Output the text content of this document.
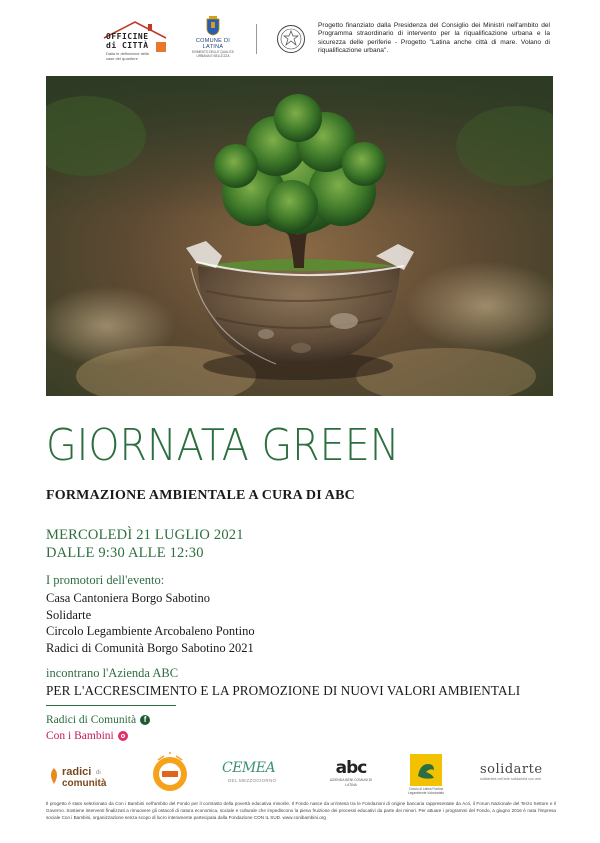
OFFICINE
di CITTÀ
Dalla le definizione delle case del quartiere
COMUNE DI LATINA
SVIMENTO DELLE QUALITA' URBANA E BELLEZZA

Progetto finanziato dalla Presidenza del Consiglio dei Ministri nell'ambito del Programma straordinario di intervento per la riqualificazione urbana e la sicurezza delle periferie - Progetto "Latina anche città di mare. Volano di riqualificazione urbana".

GIORNATA GREEN
FORMAZIONE AMBIENTALE A CURA DI ABC
MERCOLEDÌ 21 LUGLIO 2021
DALLE 9:30 ALLE 12:30
I promotori dell'evento:
Casa Cantoniera Borgo Sabotino
Solidarte
Circolo Legambiente Arcobaleno Pontino
Radici di Comunità Borgo Sabotino 2021
incontrano l'Azienda ABC
PER L'ACCRESCIMENTO E LA PROMOZIONE DI NUOVI VALORI AMBIENTALI
Radici di Comunità f
Con i Bambini
radici di
comunità
CEMEA
DEL MEZZOGIORNO
abc
AZIENDA BENI COMUNI DI LATINA
Circolo di Latina Pontino Legambiente Volontariato
solidarte
solidarietà nell'arte solidarietà con arte

Il progetto è stato selezionato da Con i Bambini nell'ambito del Fondo per il contrasto della povertà educativa minorile. Il Fondo nasce da un'intesa tra le Fondazioni di origine bancaria rappresentate da Acri, il Forum Nazionale del Terzo Settore e il Governo. Sostiene interventi finalizzati a rimuovere gli ostacoli di natura economica, sociale e culturale che impediscono la piena fruizione dei processi educativi da parte dei minori. Per attuare i programmi del Fondo, a giugno 2016 è nata l'impresa sociale Con i Bambini, organizzazione senza scopo di lucro interamente partecipata dalla Fondazione CON IL SUD. www.conibambini.org
